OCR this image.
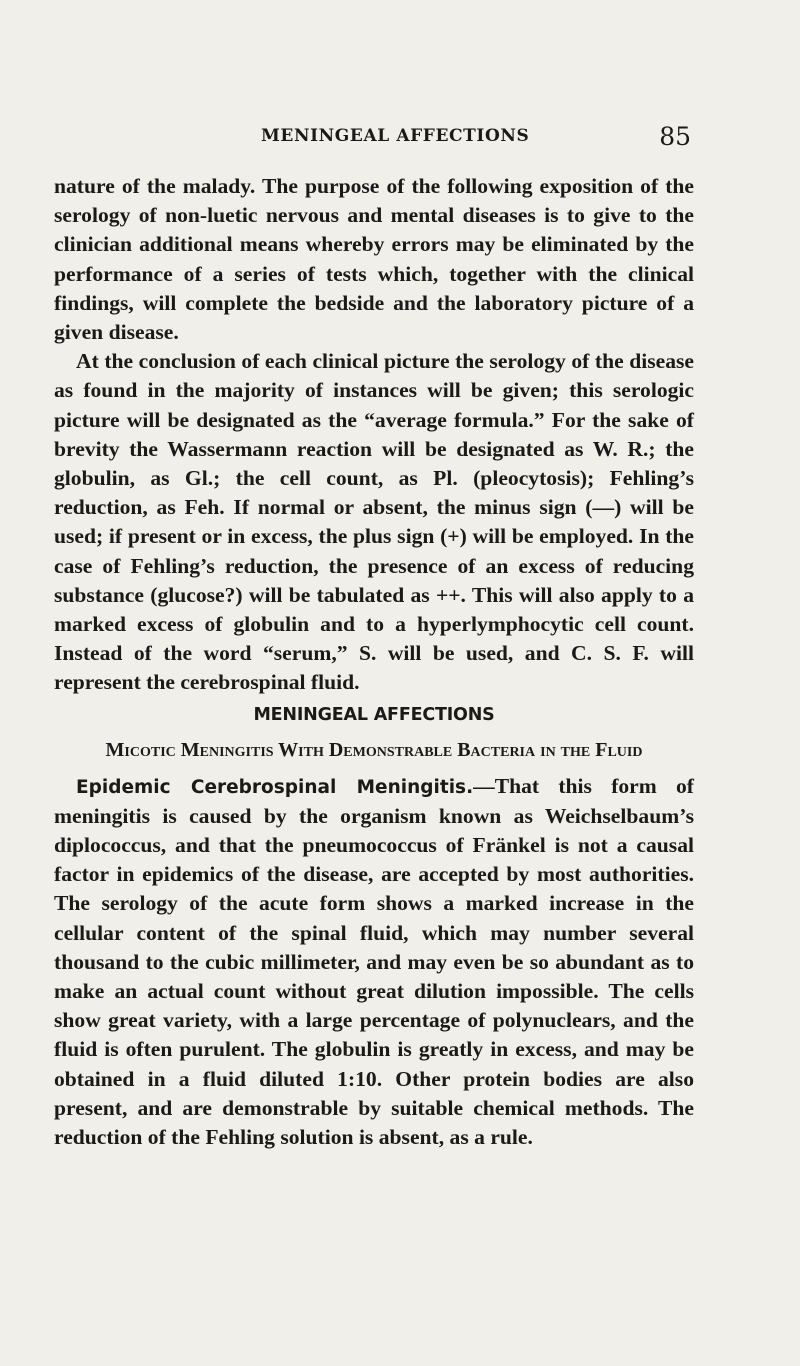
MENINGEAL AFFECTIONS	85

nature of the malady. The purpose of the following exposition of the serology of non-luetic nervous and mental diseases is to give to the clinician additional means whereby errors may be eliminated by the performance of a series of tests which, together with the clinical findings, will complete the bedside and the laboratory picture of a given disease.

At the conclusion of each clinical picture the serology of the disease as found in the majority of instances will be given; this serologic picture will be designated as the “average formula.” For the sake of brevity the Wassermann reaction will be designated as W. R.; the globulin, as Gl.; the cell count, as Pl. (pleocytosis); Fehling’s reduction, as Feh. If normal or absent, the minus sign (—) will be used; if present or in excess, the plus sign (+) will be employed. In the case of Fehling’s reduction, the presence of an excess of reducing substance (glucose?) will be tabulated as ++. This will also apply to a marked excess of globulin and to a hyperlymphocytic cell count. Instead of the word “serum,” S. will be used, and C. S. F. will represent the cerebrospinal fluid.

MENINGEAL AFFECTIONS

Micotic Meningitis With Demonstrable Bacteria in the Fluid

Epidemic Cerebrospinal Meningitis.—That this form of meningitis is caused by the organism known as Weichselbaum’s diplococcus, and that the pneumococcus of Fränkel is not a causal factor in epidemics of the disease, are accepted by most authorities. The serology of the acute form shows a marked increase in the cellular content of the spinal fluid, which may number several thousand to the cubic millimeter, and may even be so abundant as to make an actual count without great dilution impossible. The cells show great variety, with a large percentage of polynuclears, and the fluid is often purulent. The globulin is greatly in excess, and may be obtained in a fluid diluted 1:10. Other protein bodies are also present, and are demonstrable by suitable chemical methods. The reduction of the Fehling solution is absent, as a rule.
